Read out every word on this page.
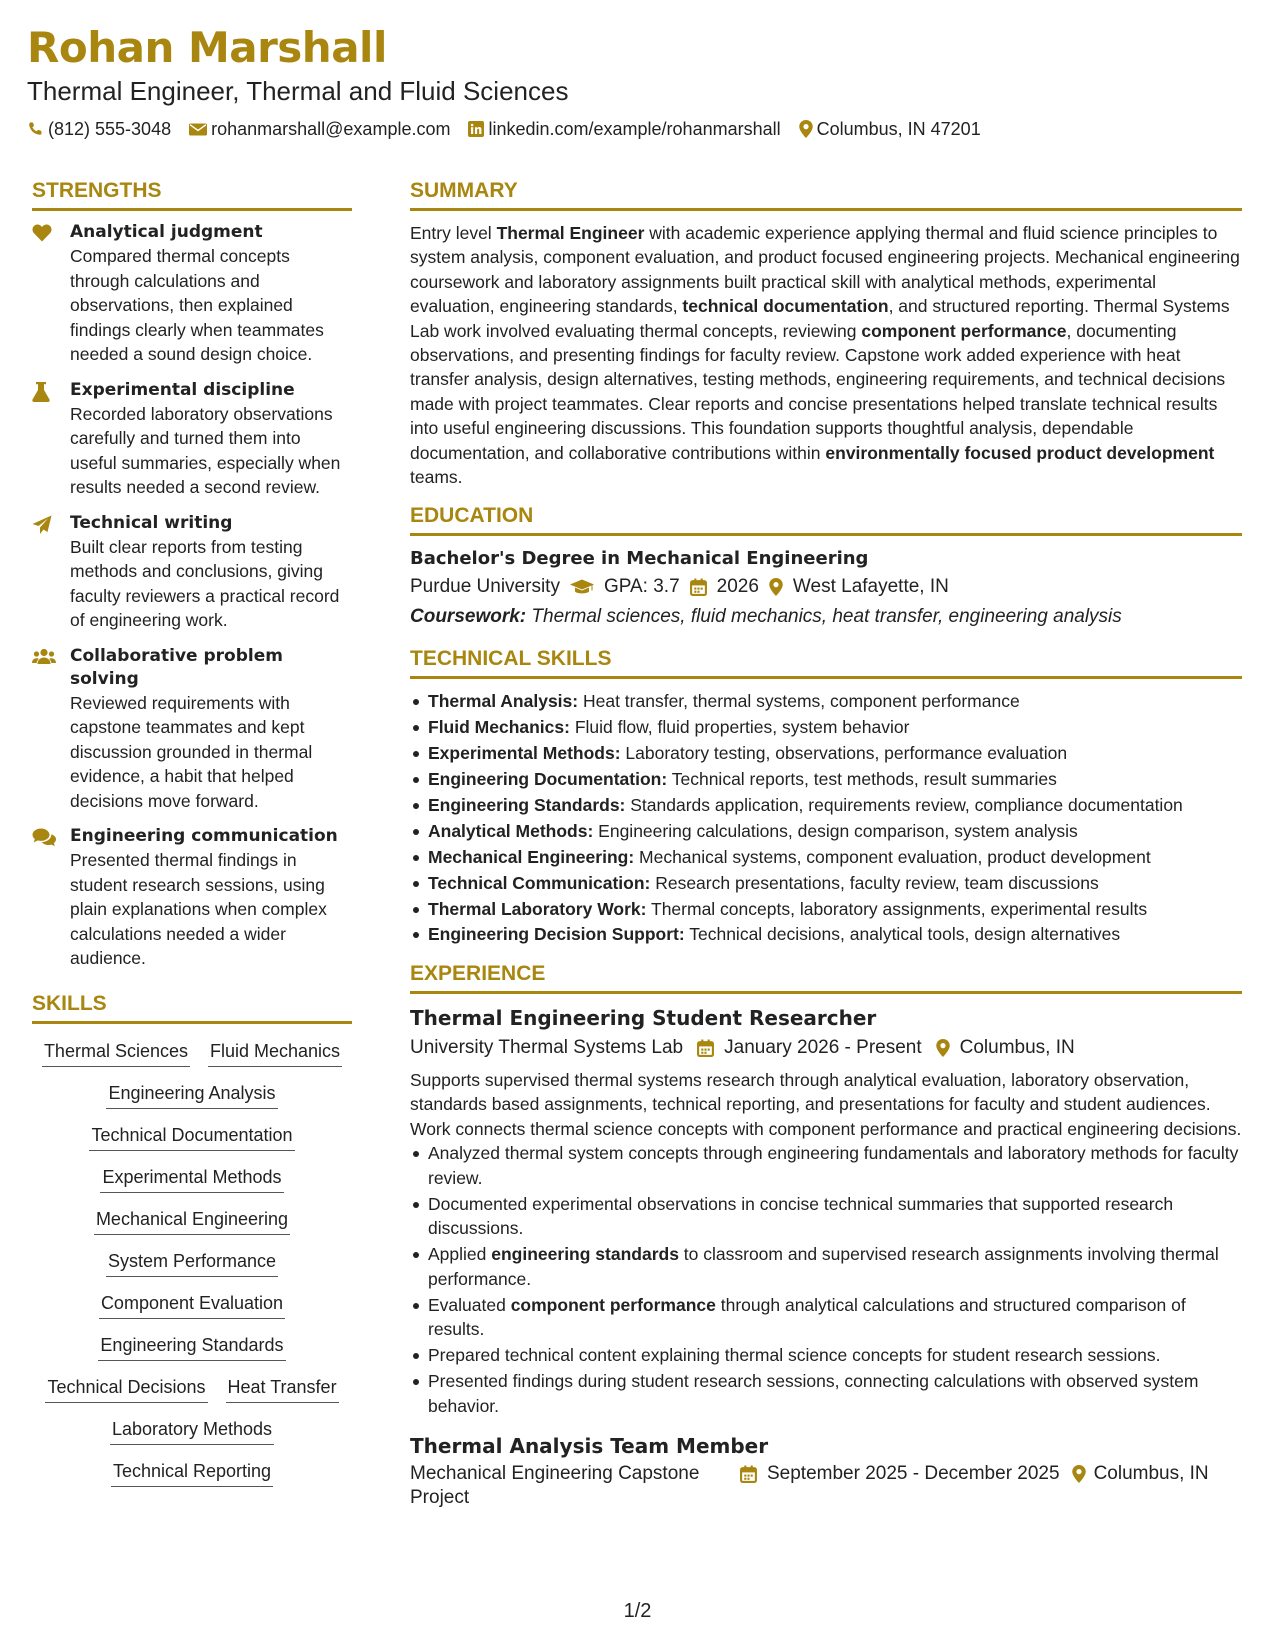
Rohan Marshall
Thermal Engineer, Thermal and Fluid Sciences
(812) 555-3048 rohanmarshall@example.com linkedin.com/example/rohanmarshall Columbus, IN 47201
STRENGTHS
Analytical judgment
Compared thermal concepts through calculations and observations, then explained findings clearly when teammates needed a sound design choice.
Experimental discipline
Recorded laboratory observations carefully and turned them into useful summaries, especially when results needed a second review.
Technical writing
Built clear reports from testing methods and conclusions, giving faculty reviewers a practical record of engineering work.
Collaborative problem solving
Reviewed requirements with capstone teammates and kept discussion grounded in thermal evidence, a habit that helped decisions move forward.
Engineering communication
Presented thermal findings in student research sessions, using plain explanations when complex calculations needed a wider audience.
SKILLS
Thermal Sciences Fluid Mechanics
Engineering Analysis
Technical Documentation
Experimental Methods
Mechanical Engineering
System Performance
Component Evaluation
Engineering Standards
Technical Decisions Heat Transfer
Laboratory Methods
Technical Reporting
SUMMARY
Entry level Thermal Engineer with academic experience applying thermal and fluid science principles to system analysis, component evaluation, and product focused engineering projects. Mechanical engineering coursework and laboratory assignments built practical skill with analytical methods, experimental evaluation, engineering standards, technical documentation, and structured reporting. Thermal Systems Lab work involved evaluating thermal concepts, reviewing component performance, documenting observations, and presenting findings for faculty review. Capstone work added experience with heat transfer analysis, design alternatives, testing methods, engineering requirements, and technical decisions made with project teammates. Clear reports and concise presentations helped translate technical results into useful engineering discussions. This foundation supports thoughtful analysis, dependable documentation, and collaborative contributions within environmentally focused product development teams.
EDUCATION
Bachelor's Degree in Mechanical Engineering
Purdue University GPA: 3.7 2026 West Lafayette, IN
Coursework: Thermal sciences, fluid mechanics, heat transfer, engineering analysis
TECHNICAL SKILLS
Thermal Analysis: Heat transfer, thermal systems, component performance
Fluid Mechanics: Fluid flow, fluid properties, system behavior
Experimental Methods: Laboratory testing, observations, performance evaluation
Engineering Documentation: Technical reports, test methods, result summaries
Engineering Standards: Standards application, requirements review, compliance documentation
Analytical Methods: Engineering calculations, design comparison, system analysis
Mechanical Engineering: Mechanical systems, component evaluation, product development
Technical Communication: Research presentations, faculty review, team discussions
Thermal Laboratory Work: Thermal concepts, laboratory assignments, experimental results
Engineering Decision Support: Technical decisions, analytical tools, design alternatives
EXPERIENCE
Thermal Engineering Student Researcher
University Thermal Systems Lab January 2026 - Present Columbus, IN
Supports supervised thermal systems research through analytical evaluation, laboratory observation, standards based assignments, technical reporting, and presentations for faculty and student audiences. Work connects thermal science concepts with component performance and practical engineering decisions.
Analyzed thermal system concepts through engineering fundamentals and laboratory methods for faculty review.
Documented experimental observations in concise technical summaries that supported research discussions.
Applied engineering standards to classroom and supervised research assignments involving thermal performance.
Evaluated component performance through analytical calculations and structured comparison of results.
Prepared technical content explaining thermal science concepts for student research sessions.
Presented findings during student research sessions, connecting calculations with observed system behavior.
Thermal Analysis Team Member
Mechanical Engineering Capstone Project
September 2025 - December 2025 Columbus, IN
1/2
